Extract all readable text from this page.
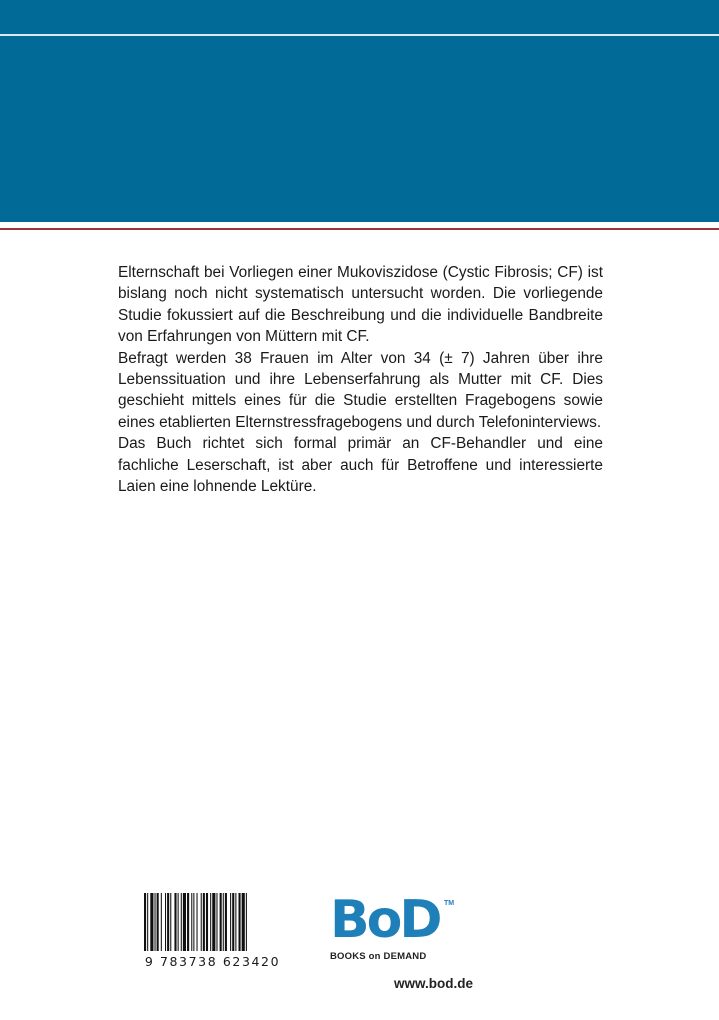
Elternschaft bei Vorliegen einer Mukoviszidose (Cystic Fibrosis; CF) ist bislang noch nicht systematisch untersucht worden. Die vorliegende Studie fokussiert auf die Beschreibung und die individuelle Bandbreite von Erfahrungen von Müttern mit CF.

Befragt werden 38 Frauen im Alter von 34 (± 7) Jahren über ihre Lebenssituation und ihre Lebenserfahrung als Mutter mit CF. Dies geschieht mittels eines für die Studie erstellten Fragebogens sowie eines etablierten Elternstressfragebogens und durch Telefoninterviews.

Das Buch richtet sich formal primär an CF-Behandler und eine fachliche Leserschaft, ist aber auch für Betroffene und interessierte Laien eine lohnende Lektüre.

9 783738 623420
BoD TM
BOOKS on DEMAND
www.bod.de
